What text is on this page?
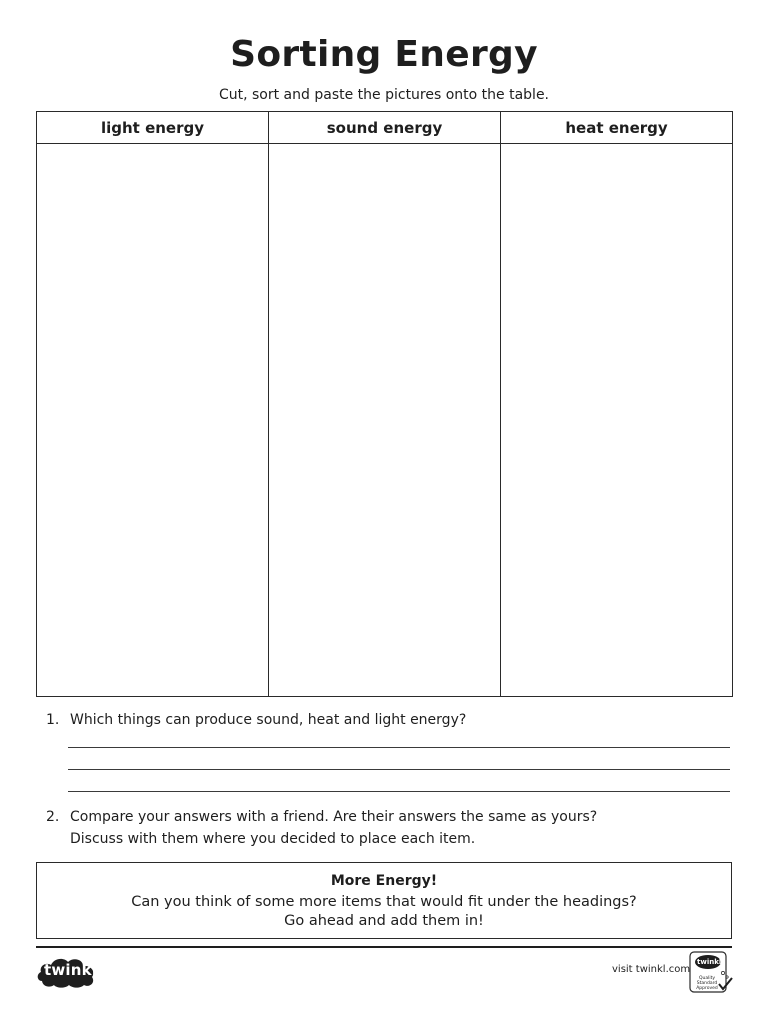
Sorting Energy
Cut, sort and paste the pictures onto the table.
light energy	sound energy	heat energy
1. Which things can produce sound, heat and light energy?
2. Compare your answers with a friend. Are their answers the same as yours?
Discuss with them where you decided to place each item.
More Energy!
Can you think of some more items that would fit under the headings?
Go ahead and add them in!
twinkl	visit twinkl.com
twinkl
Quality Standard Approved
